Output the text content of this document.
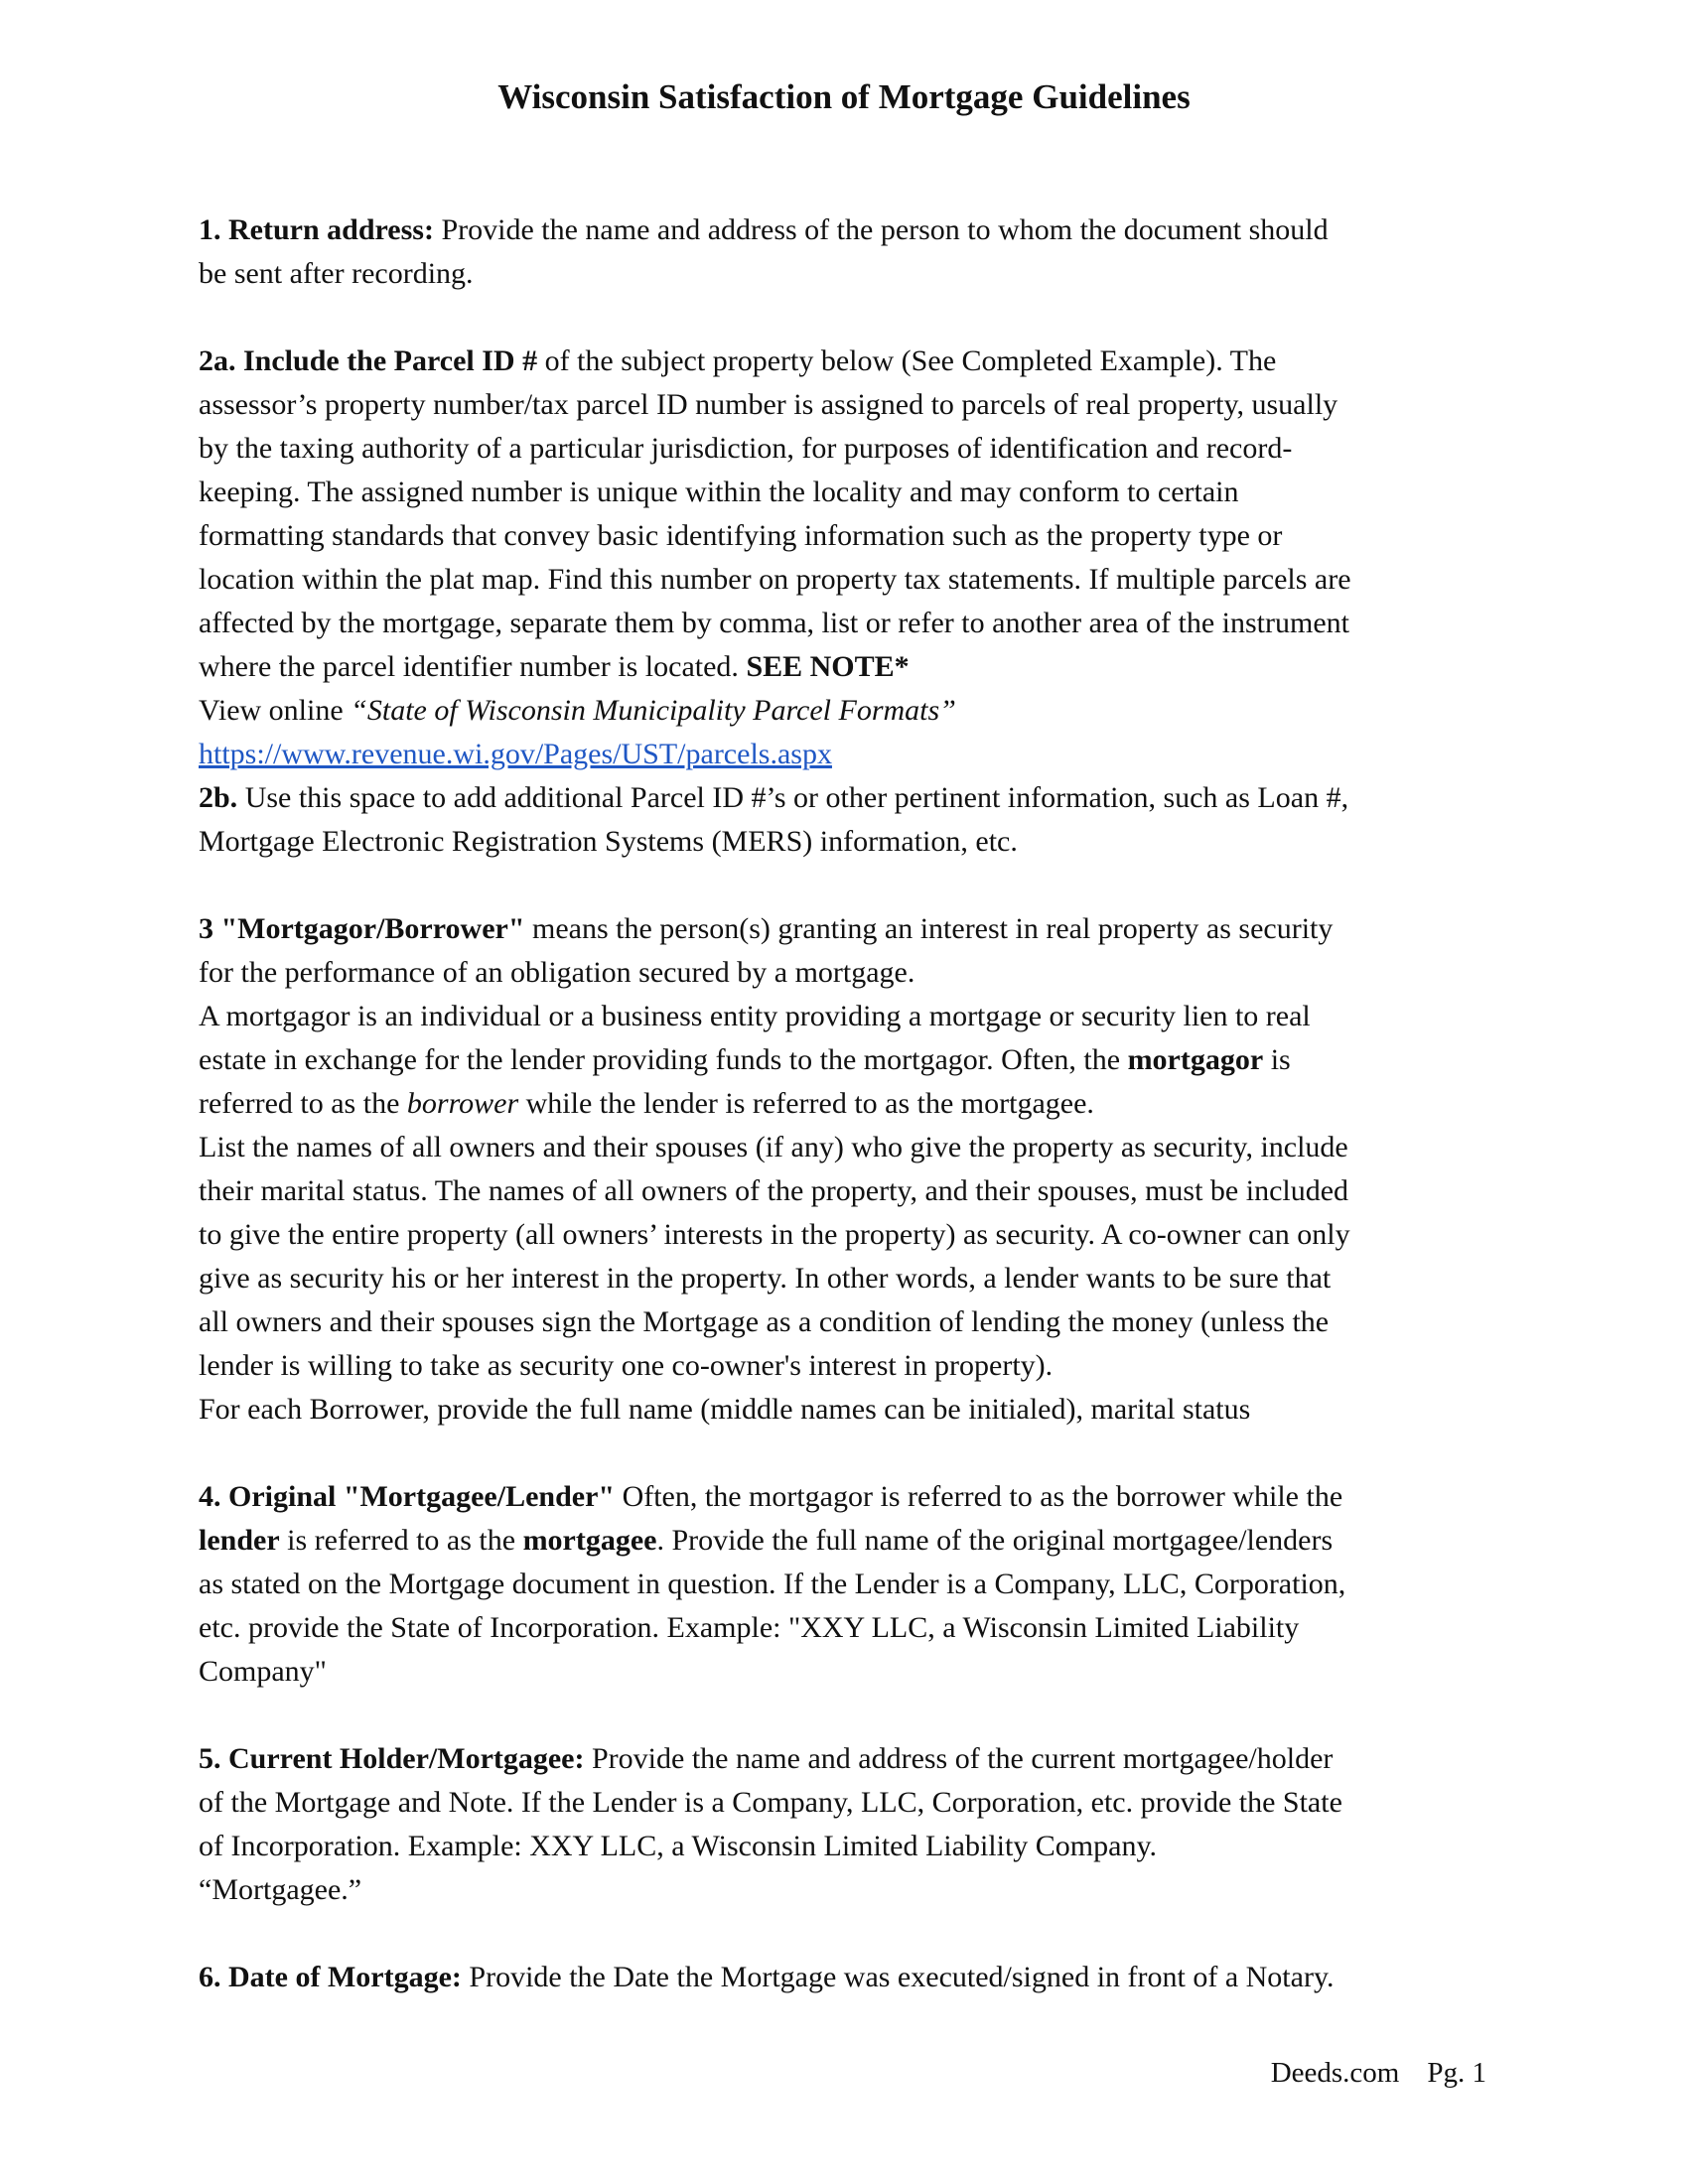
Wisconsin Satisfaction of Mortgage Guidelines
1. Return address: Provide the name and address of the person to whom the document should
be sent after recording.
2a. Include the Parcel ID # of the subject property below (See Completed Example). The
assessor’s property number/tax parcel ID number is assigned to parcels of real property, usually
by the taxing authority of a particular jurisdiction, for purposes of identification and record-
keeping. The assigned number is unique within the locality and may conform to certain
formatting standards that convey basic identifying information such as the property type or
location within the plat map. Find this number on property tax statements. If multiple parcels are
affected by the mortgage, separate them by comma, list or refer to another area of the instrument
where the parcel identifier number is located. SEE NOTE*
View online “State of Wisconsin Municipality Parcel Formats”
https://www.revenue.wi.gov/Pages/UST/parcels.aspx
2b. Use this space to add additional Parcel ID #’s or other pertinent information, such as Loan #,
Mortgage Electronic Registration Systems (MERS) information, etc.
3 "Mortgagor/Borrower" means the person(s) granting an interest in real property as security
for the performance of an obligation secured by a mortgage.
A mortgagor is an individual or a business entity providing a mortgage or security lien to real
estate in exchange for the lender providing funds to the mortgagor. Often, the mortgagor is
referred to as the borrower while the lender is referred to as the mortgagee.
List the names of all owners and their spouses (if any) who give the property as security, include
their marital status. The names of all owners of the property, and their spouses, must be included
to give the entire property (all owners’ interests in the property) as security. A co-owner can only
give as security his or her interest in the property. In other words, a lender wants to be sure that
all owners and their spouses sign the Mortgage as a condition of lending the money (unless the
lender is willing to take as security one co-owner's interest in property).
For each Borrower, provide the full name (middle names can be initialed), marital status
4. Original "Mortgagee/Lender" Often, the mortgagor is referred to as the borrower while the
lender is referred to as the mortgagee. Provide the full name of the original mortgagee/lenders
as stated on the Mortgage document in question. If the Lender is a Company, LLC, Corporation,
etc. provide the State of Incorporation. Example: "XXY LLC, a Wisconsin Limited Liability
Company"
5. Current Holder/Mortgagee: Provide the name and address of the current mortgagee/holder
of the Mortgage and Note. If the Lender is a Company, LLC, Corporation, etc. provide the State
of Incorporation. Example: XXY LLC, a Wisconsin Limited Liability Company.
“Mortgagee.”
6. Date of Mortgage: Provide the Date the Mortgage was executed/signed in front of a Notary.
Deeds.com Pg. 1
